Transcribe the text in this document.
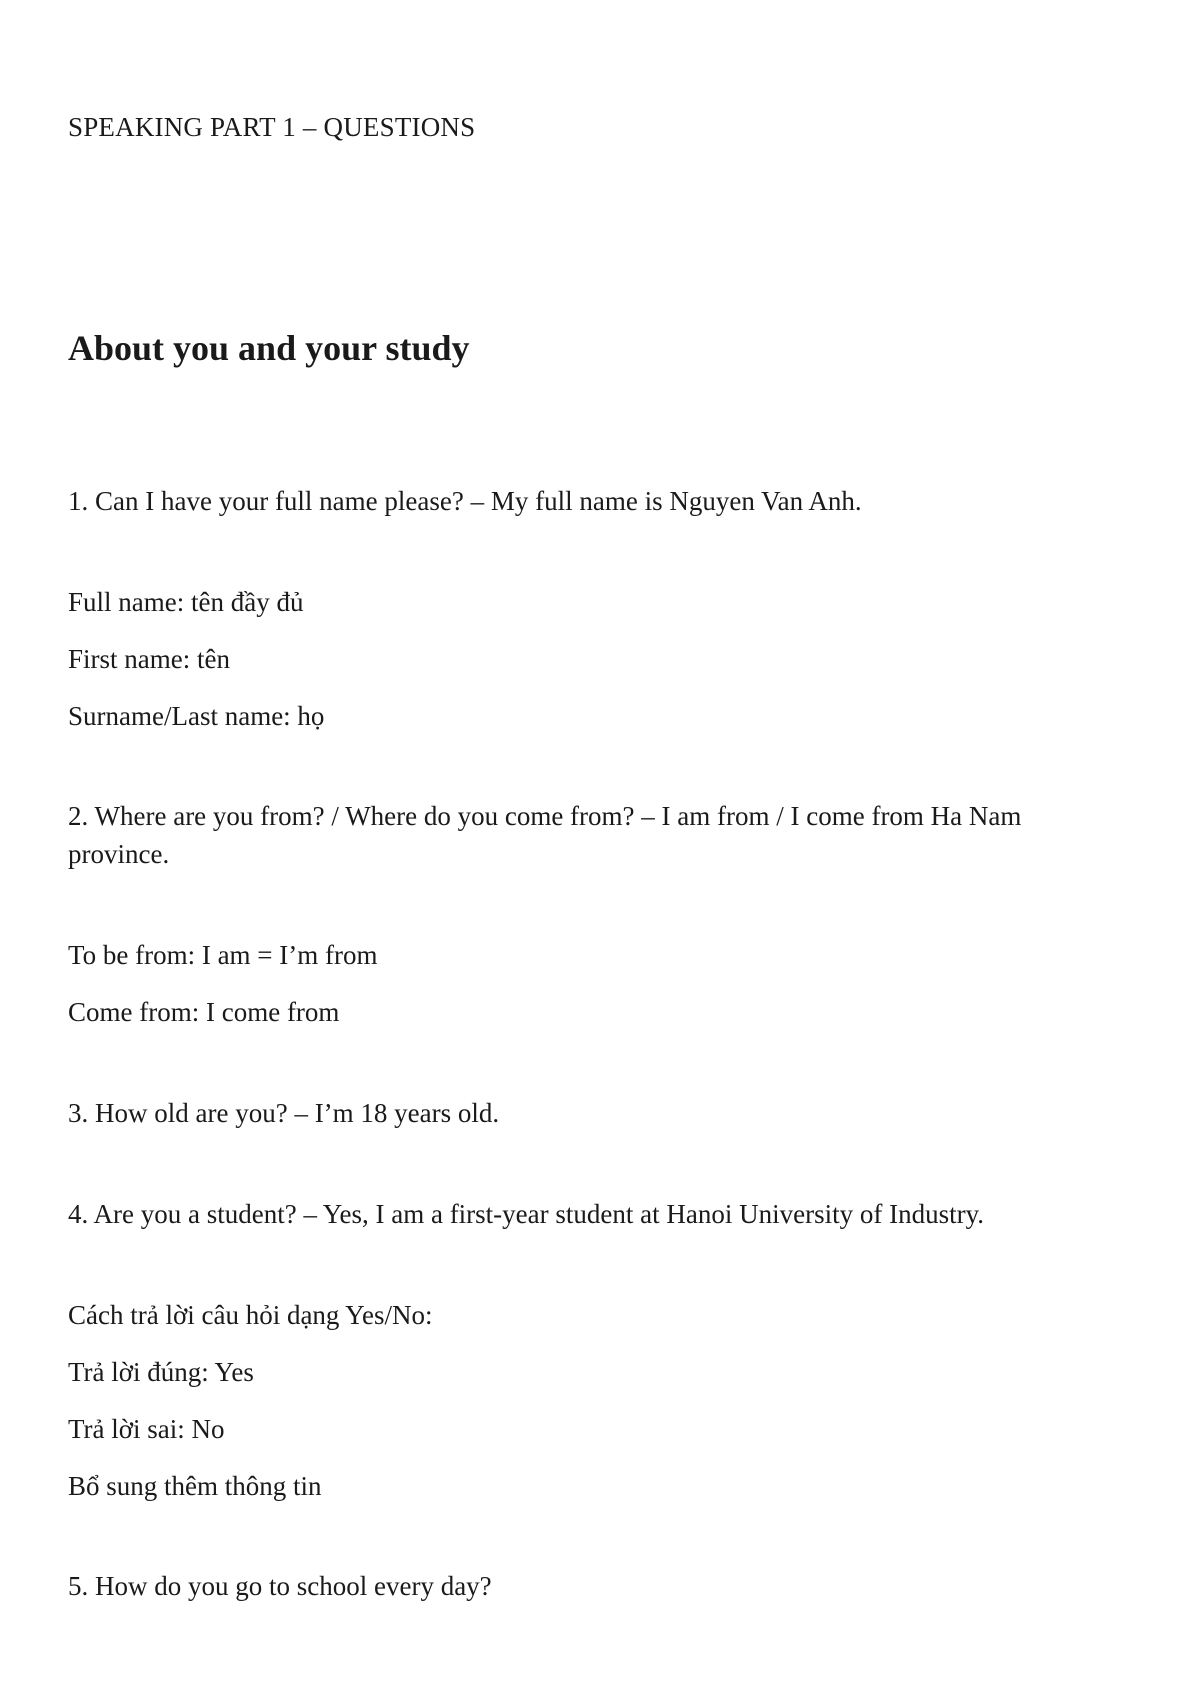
SPEAKING PART 1 – QUESTIONS

About you and your study

1. Can I have your full name please? – My full name is Nguyen Van Anh.

Full name: tên đầy đủ

First name: tên

Surname/Last name: họ

2. Where are you from? / Where do you come from? – I am from / I come from Ha Nam province.

To be from: I am = I’m from

Come from: I come from

3. How old are you? – I’m 18 years old.

4. Are you a student? – Yes, I am a first-year student at Hanoi University of Industry.

Cách trả lời câu hỏi dạng Yes/No:

Trả lời đúng: Yes

Trả lời sai: No

Bổ sung thêm thông tin

5. How do you go to school every day?
